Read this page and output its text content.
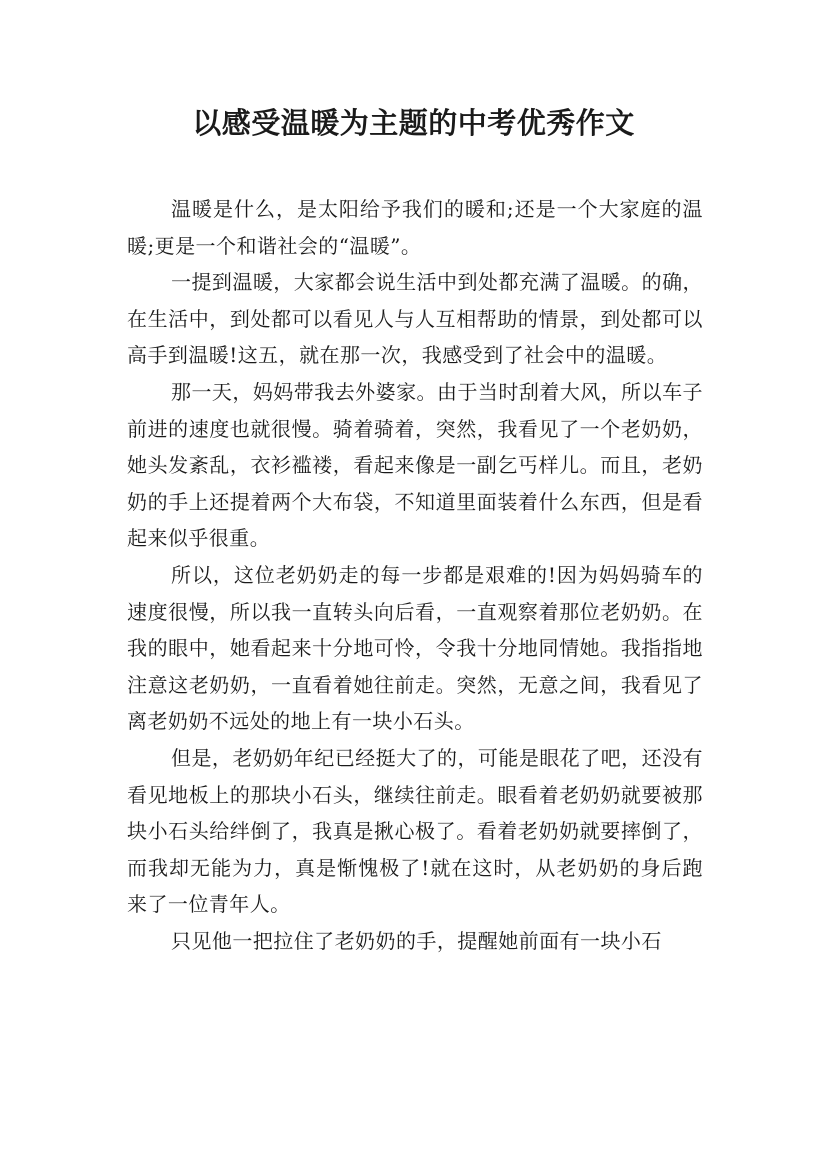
以感受温暖为主题的中考优秀作文

温暖是什么，是太阳给予我们的暖和;还是一个大家庭的温暖;更是一个和谐社会的“温暖”。

一提到温暖，大家都会说生活中到处都充满了温暖。的确，在生活中，到处都可以看见人与人互相帮助的情景，到处都可以高手到温暖!这五，就在那一次，我感受到了社会中的温暖。

那一天，妈妈带我去外婆家。由于当时刮着大风，所以车子前进的速度也就很慢。骑着骑着，突然，我看见了一个老奶奶，她头发紊乱，衣衫褴褛，看起来像是一副乞丐样儿。而且，老奶奶的手上还提着两个大布袋，不知道里面装着什么东西，但是看起来似乎很重。

所以，这位老奶奶走的每一步都是艰难的!因为妈妈骑车的速度很慢，所以我一直转头向后看，一直观察着那位老奶奶。在我的眼中，她看起来十分地可怜，令我十分地同情她。我指指地注意这老奶奶，一直看着她往前走。突然，无意之间，我看见了离老奶奶不远处的地上有一块小石头。

但是，老奶奶年纪已经挺大了的，可能是眼花了吧，还没有看见地板上的那块小石头，继续往前走。眼看着老奶奶就要被那块小石头给绊倒了，我真是揪心极了。看着老奶奶就要摔倒了，而我却无能为力，真是惭愧极了!就在这时，从老奶奶的身后跑来了一位青年人。

只见他一把拉住了老奶奶的手，提醒她前面有一块小石
